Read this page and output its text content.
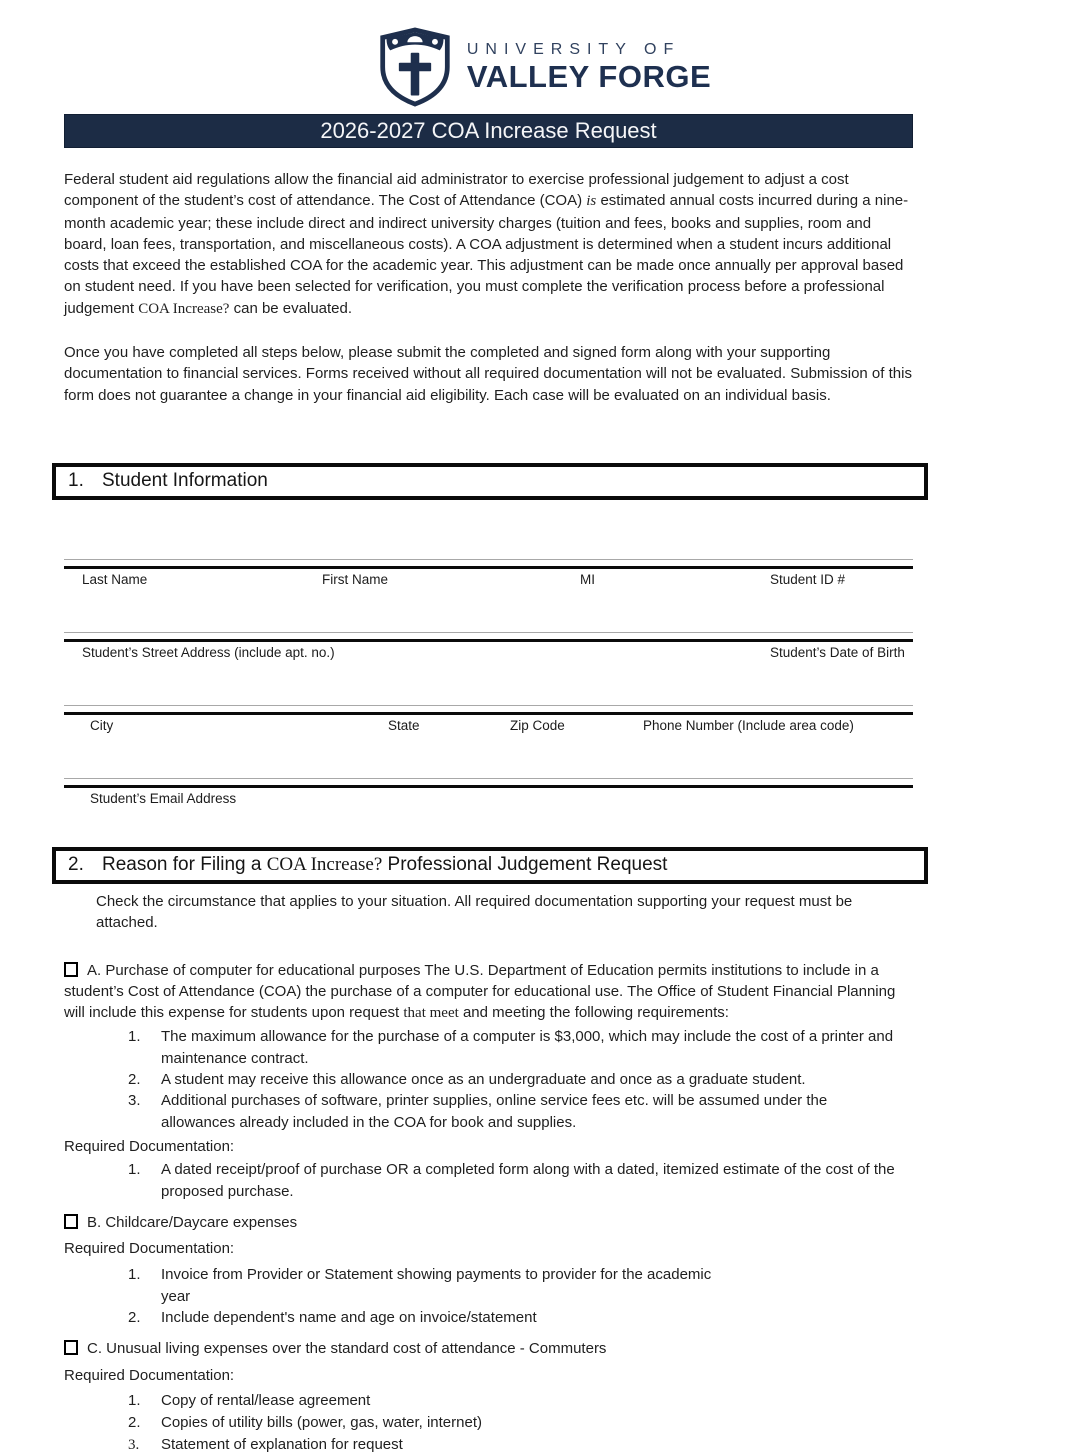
UNIVERSITY OF
VALLEY FORGE
2026-2027 COA Increase Request

Federal student aid regulations allow the financial aid administrator to exercise professional judgement to adjust a cost component of the student’s cost of attendance. The Cost of Attendance (COA) is estimated annual costs incurred during a nine-month academic year; these include direct and indirect university charges (tuition and fees, books and supplies, room and board, loan fees, transportation, and miscellaneous costs). A COA adjustment is determined when a student incurs additional costs that exceed the established COA for the academic year. This adjustment can be made once annually per approval based on student need. If you have been selected for verification, you must complete the verification process before a professional judgement COA Increase? can be evaluated.

Once you have completed all steps below, please submit the completed and signed form along with your supporting documentation to financial services. Forms received without all required documentation will not be evaluated. Submission of this form does not guarantee a change in your financial aid eligibility. Each case will be evaluated on an individual basis.

1. Student Information
Last Name	First Name	MI	Student ID #
Student’s Street Address (include apt. no.)	Student’s Date of Birth
City	State	Zip Code	Phone Number (Include area code)
Student’s Email Address
2. Reason for Filing a COA Increase? Professional Judgement Request

Check the circumstance that applies to your situation. All required documentation supporting your request must be attached.

A. Purchase of computer for educational purposes The U.S. Department of Education permits institutions to include in a student’s Cost of Attendance (COA) the purchase of a computer for educational use. The Office of Student Financial Planning will include this expense for students upon request that meet and meeting the following requirements:

1.	The maximum allowance for the purchase of a computer is $3,000, which may include the cost of a printer and maintenance contract.
2.	A student may receive this allowance once as an undergraduate and once as a graduate student.
3.	Additional purchases of software, printer supplies, online service fees etc. will be assumed under the allowances already included in the COA for book and supplies.

Required Documentation:

1.	A dated receipt/proof of purchase OR a completed form along with a dated, itemized estimate of the cost of the proposed purchase.

B. Childcare/Daycare expenses

Required Documentation:

1.	Invoice from Provider or Statement showing payments to provider for the academic year
2.	Include dependent's name and age on invoice/statement

C. Unusual living expenses over the standard cost of attendance - Commuters

Required Documentation:

1.	Copy of rental/lease agreement
2.	Copies of utility bills (power, gas, water, internet)
3.	Statement of explanation for request
